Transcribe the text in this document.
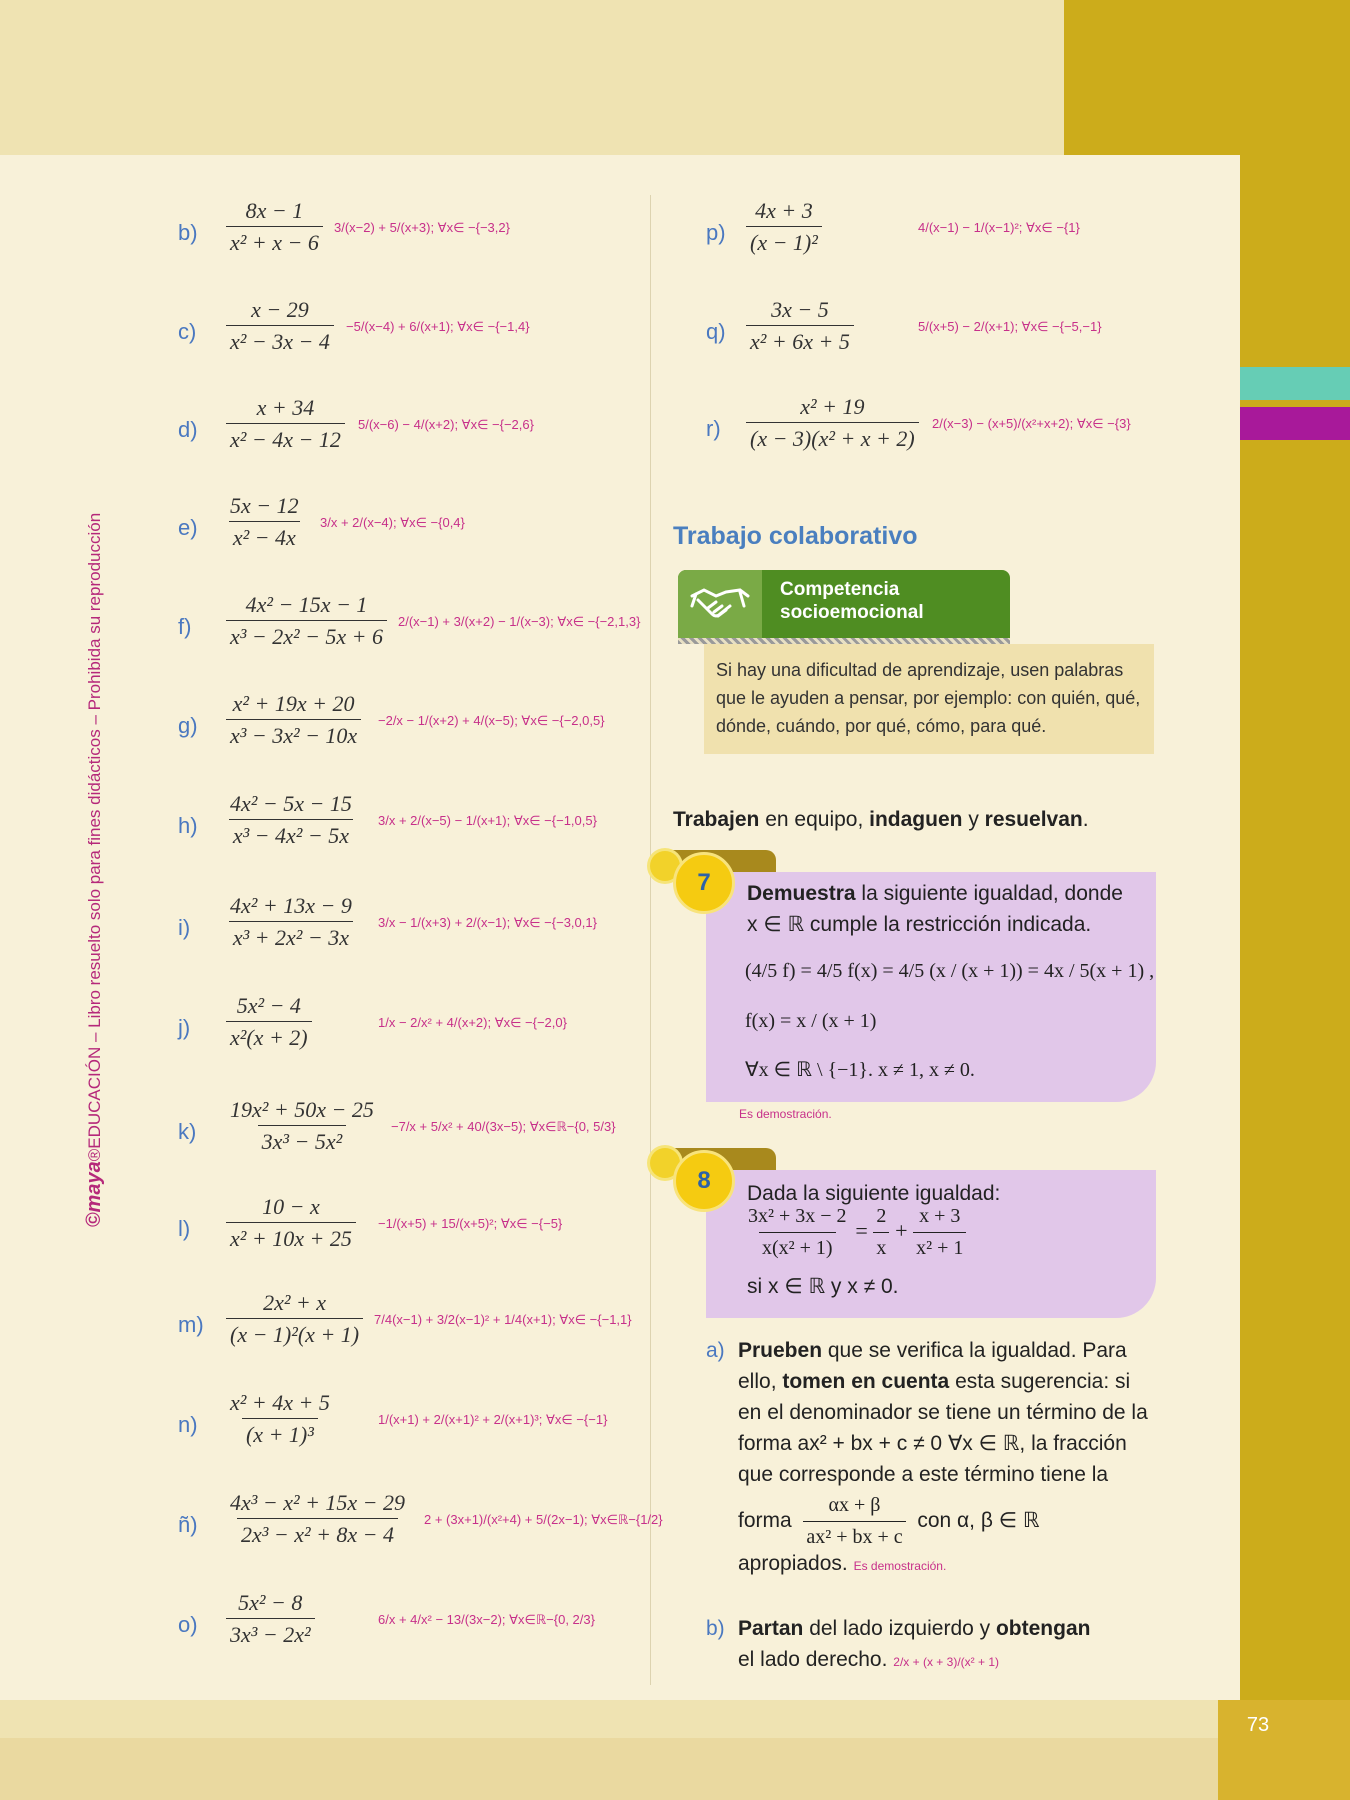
73
©maya®EDUCACIÓN – Libro resuelto solo para fines didácticos – Prohibida su reproducción
$b) \frac{8x - 1}{\text{x² + x − 6}} 3/(x-2) + 5/(x+3)$; ∀x∈ −{−3,2}
$c) \frac{x - 29}{\text{x² − 3x − 4}} -5/(x-4) + 6/(x+1)$; ∀x∈ −{−1,4}
$d) \frac{x + 34}{\text{x² − 4x − 12}} 5/(x-6) - 4/(x+2)$; ∀x∈ −{−2,6}
$e) \frac{5x - 12}{\text{x² − 4x}} 3/x + 2/(x-4)$; ∀x∈ −{0,4}
$f) \frac{\text{4x² − 15x − 1}}{\text{x³ − 2x² − 5x + 6}} 2/(x-1) + 3/(x+2) - 1/(x-3)$; ∀x∈ −{−2,1,3}
$g) \frac{\text{x² + 19x + 20}}{\text{x³ − 3x² − 10x}} -2/x - 1/(x+2) + 4/(x-5)$; ∀x∈ −{−2,0,5}
$h) \frac{\text{4x² − 5x − 15}}{\text{x³ − 4x² − 5x}} 3/x + 2/(x-5) - 1/(x+1)$; ∀x∈ −{−1,0,5}
$i) \frac{\text{4x² + 13x − 9}}{\text{x³ + 2x² − 3x}} 3/x - 1/(x+3) + 2/(x-1)$; ∀x∈ −{−3,0,1}
$j) \frac{\text{5x² − 4}}{\text{x²(x + 2)}}$	1/x − 2/x² + 4/(x+2); ∀x∈ −{−2,0}
$k) \frac{\text{19x² + 50x − 25}}{\text{3x³ − 5x²}} -7/x + 5/x^2 + 40/(3x-5)$; ∀x∈ℝ−{0, 5/3}
$l) \frac{10 - x}{\text{x² + 10x + 25}} -1/(x+5) + 15/(x+5)^2$; ∀x∈ −{−5}
$m) \frac{\text{2x² + x}}{\text{(x − 1)²(x + 1)}} 7/4(x-1) + 3/2(x-1)^2 + 1/4(x+1)$; ∀x∈ −{−1,1}
$n) \frac{\text{x² + 4x + 5}}{\text{(x + 1)³}}$	1/(x+1) + 2/(x+1)² + 2/(x+1)³; ∀x∈ −{−1}
ñ) $\frac{\text{4x³ − x² + 15x − 29}}{\text{2x³ − x² + 8x − 4}} 2 + (3x+1)/(x^2+4) + 5/(2x-1)$; ∀x∈ℝ−{1/2}
$o) \frac{\text{5x² − 8}}{\text{3x³ − 2x²}}$	6/x + 4/x² − 13/(3x−2); ∀x∈ℝ−{0, 2/3}
$p) \frac{4x + 3}{\text{(x − 1)²}}$	4/(x−1) − 1/(x−1)²; ∀x∈ −{1}
$q) \frac{3x - 5}{\text{x² + 6x + 5}}$	5/(x+5) − 2/(x+1); ∀x∈ −{−5,−1}
$r) \frac{\text{x² + 19}}{\text{(x − 3)(x² + x + 2)}} 2/(x-3) - (x+5)/(x^2+x+2)$; ∀x∈ −{3}
Trabajo colaborativo
Competencia socioemocional
Si hay una dificultad de aprendizaje, usen palabras que le ayuden a pensar, por ejemplo: con quién, qué, dónde, cuándo, por qué, cómo, para qué.
Trabajen en equipo, indaguen y resuelvan.
7	Demuestra la siguiente igualdad, donde
x ∈ ℝ cumple la restricción indicada.
(4/5 f) = 4/5 f(x) = 4/5 (x / (x + 1)) = 4x / 5(x + 1) ,
f(x) = x / (x + 1)
∀x ∈ ℝ \ {−1}. x ≠ 1, x ≠ 0.
Es demostración.
8	Dada la siguiente igualdad:
$\frac{\text{3x² + 3x − 2}}{\text{x(x² + 1)}} = \frac{2}{x} + \frac{x + 3}{\text{x² + 1}}$
si x ∈ ℝ y x ≠ 0.
a) Prueben que se verifica la igualdad. Para ello, tomen en cuenta esta sugerencia: si en el denominador se tiene un término de la forma ax² + bx + c ≠ 0 ∀x ∈ ℝ, la fracción que corresponde a este término tiene la
forma $\frac{\alpha x + \beta}{\text{ax² + bx + c}}$ con α, β ∈ ℝ
apropiados. Es demostración.
b) Partan del lado izquierdo y obtengan
el lado derecho. 2/x + (x + 3)/(x² + 1)
